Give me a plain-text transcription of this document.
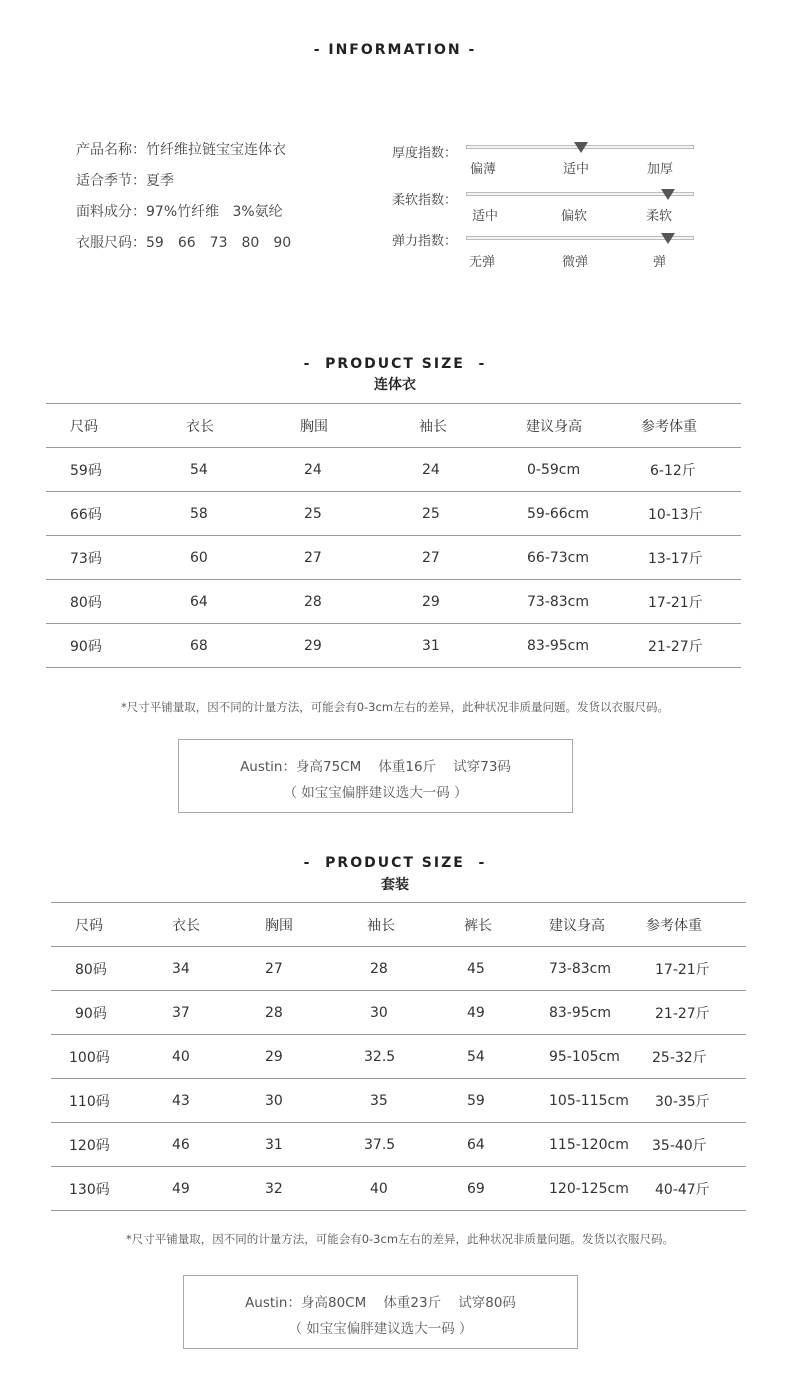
- INFORMATION -
产品名称：竹纤维拉链宝宝连体衣
适合季节：夏季
面料成分：97%竹纤维   3%氨纶
衣服尺码：59 66 73 80 90
厚度指数：
偏薄	适中	加厚
柔软指数：
适中	偏软	柔软
弹力指数：
无弹	微弹	弹
-  PRODUCT SIZE  -
连体衣
尺码	衣长	胸围	袖长	建议身高	参考体重
59码	54	24	24	0-59cm	6-12斤
66码	58	25	25	59-66cm	10-13斤
73码	60	27	27	66-73cm	13-17斤
80码	64	28	29	73-83cm	17-21斤
90码	68	29	31	83-95cm	21-27斤
*尺寸平铺量取，因不同的计量方法，可能会有0-3cm左右的差异，此种状况非质量问题。发货以衣服尺码。
Austin：身高75CM    体重16斤    试穿73码
（ 如宝宝偏胖建议选大一码 ）
-  PRODUCT SIZE  -
套装
尺码	衣长	胸围	袖长	裤长	建议身高	参考体重
80码	34	27	28	45	73-83cm	17-21斤
90码	37	28	30	49	83-95cm	21-27斤
100码	40	29	32.5	54	95-105cm	25-32斤
110码	43	30	35	59	105-115cm	30-35斤
120码	46	31	37.5	64	115-120cm	35-40斤
130码	49	32	40	69	120-125cm	40-47斤
*尺寸平铺量取，因不同的计量方法，可能会有0-3cm左右的差异，此种状况非质量问题。发货以衣服尺码。
Austin：身高80CM    体重23斤    试穿80码
（ 如宝宝偏胖建议选大一码 ）
